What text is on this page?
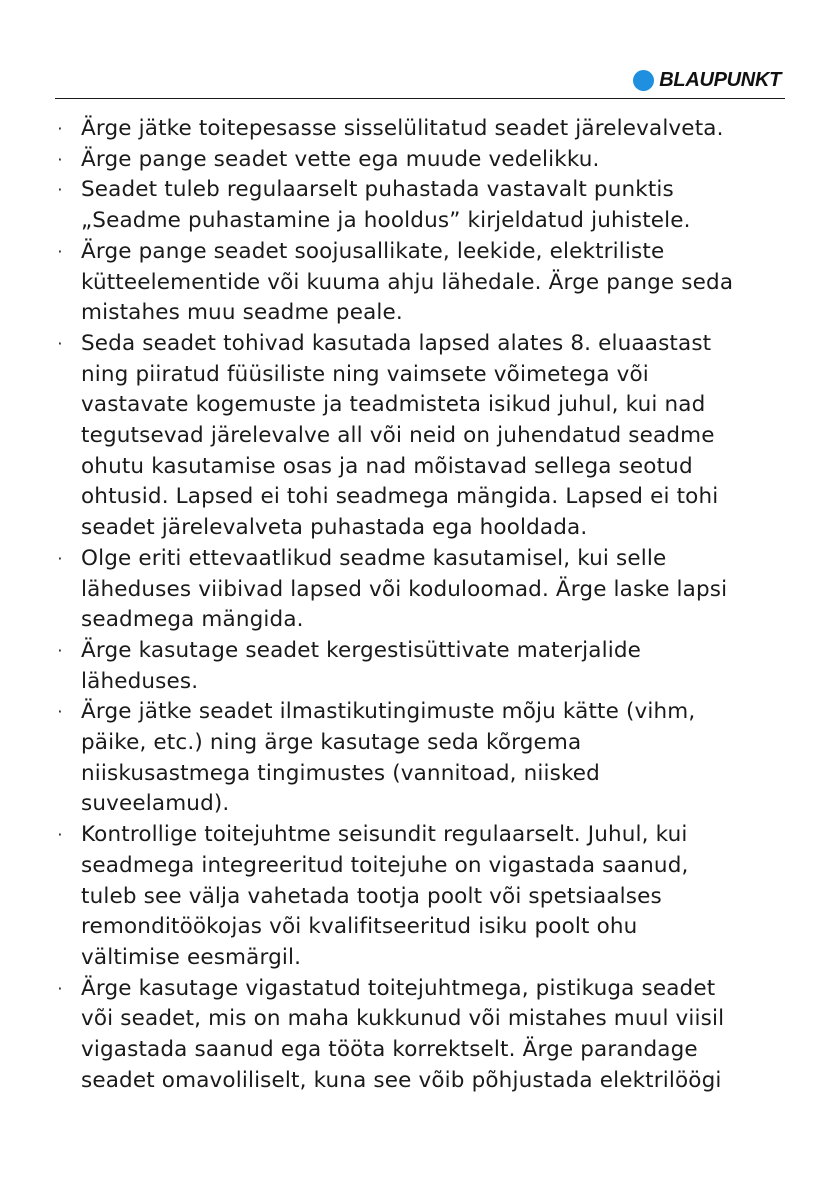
BLAUPUNKT
· Ärge jätke toitepesasse sisselülitatud seadet järelevalveta.
· Ärge pange seadet vette ega muude vedelikku.
· Seadet tuleb regulaarselt puhastada vastavalt punktis
„Seadme puhastamine ja hooldus” kirjeldatud juhistele.
· Ärge pange seadet soojusallikate, leekide, elektriliste
kütteelementide või kuuma ahju lähedale. Ärge pange seda
mistahes muu seadme peale.
· Seda seadet tohivad kasutada lapsed alates 8. eluaastast
ning piiratud füüsiliste ning vaimsete võimetega või
vastavate kogemuste ja teadmisteta isikud juhul, kui nad
tegutsevad järelevalve all või neid on juhendatud seadme
ohutu kasutamise osas ja nad mõistavad sellega seotud
ohtusid. Lapsed ei tohi seadmega mängida. Lapsed ei tohi
seadet järelevalveta puhastada ega hooldada.
· Olge eriti ettevaatlikud seadme kasutamisel, kui selle
läheduses viibivad lapsed või koduloomad. Ärge laske lapsi
seadmega mängida.
· Ärge kasutage seadet kergestisüttivate materjalide
läheduses.
· Ärge jätke seadet ilmastikutingimuste mõju kätte (vihm,
päike, etc.) ning ärge kasutage seda kõrgema
niiskusastmega tingimustes (vannitoad, niisked
suveelamud).
· Kontrollige toitejuhtme seisundit regulaarselt. Juhul, kui
seadmega integreeritud toitejuhe on vigastada saanud,
tuleb see välja vahetada tootja poolt või spetsiaalses
remonditöökojas või kvalifitseeritud isiku poolt ohu
vältimise eesmärgil.
· Ärge kasutage vigastatud toitejuhtmega, pistikuga seadet
või seadet, mis on maha kukkunud või mistahes muul viisil
vigastada saanud ega tööta korrektselt. Ärge parandage
seadet omavoliliselt, kuna see võib põhjustada elektrilöögi
